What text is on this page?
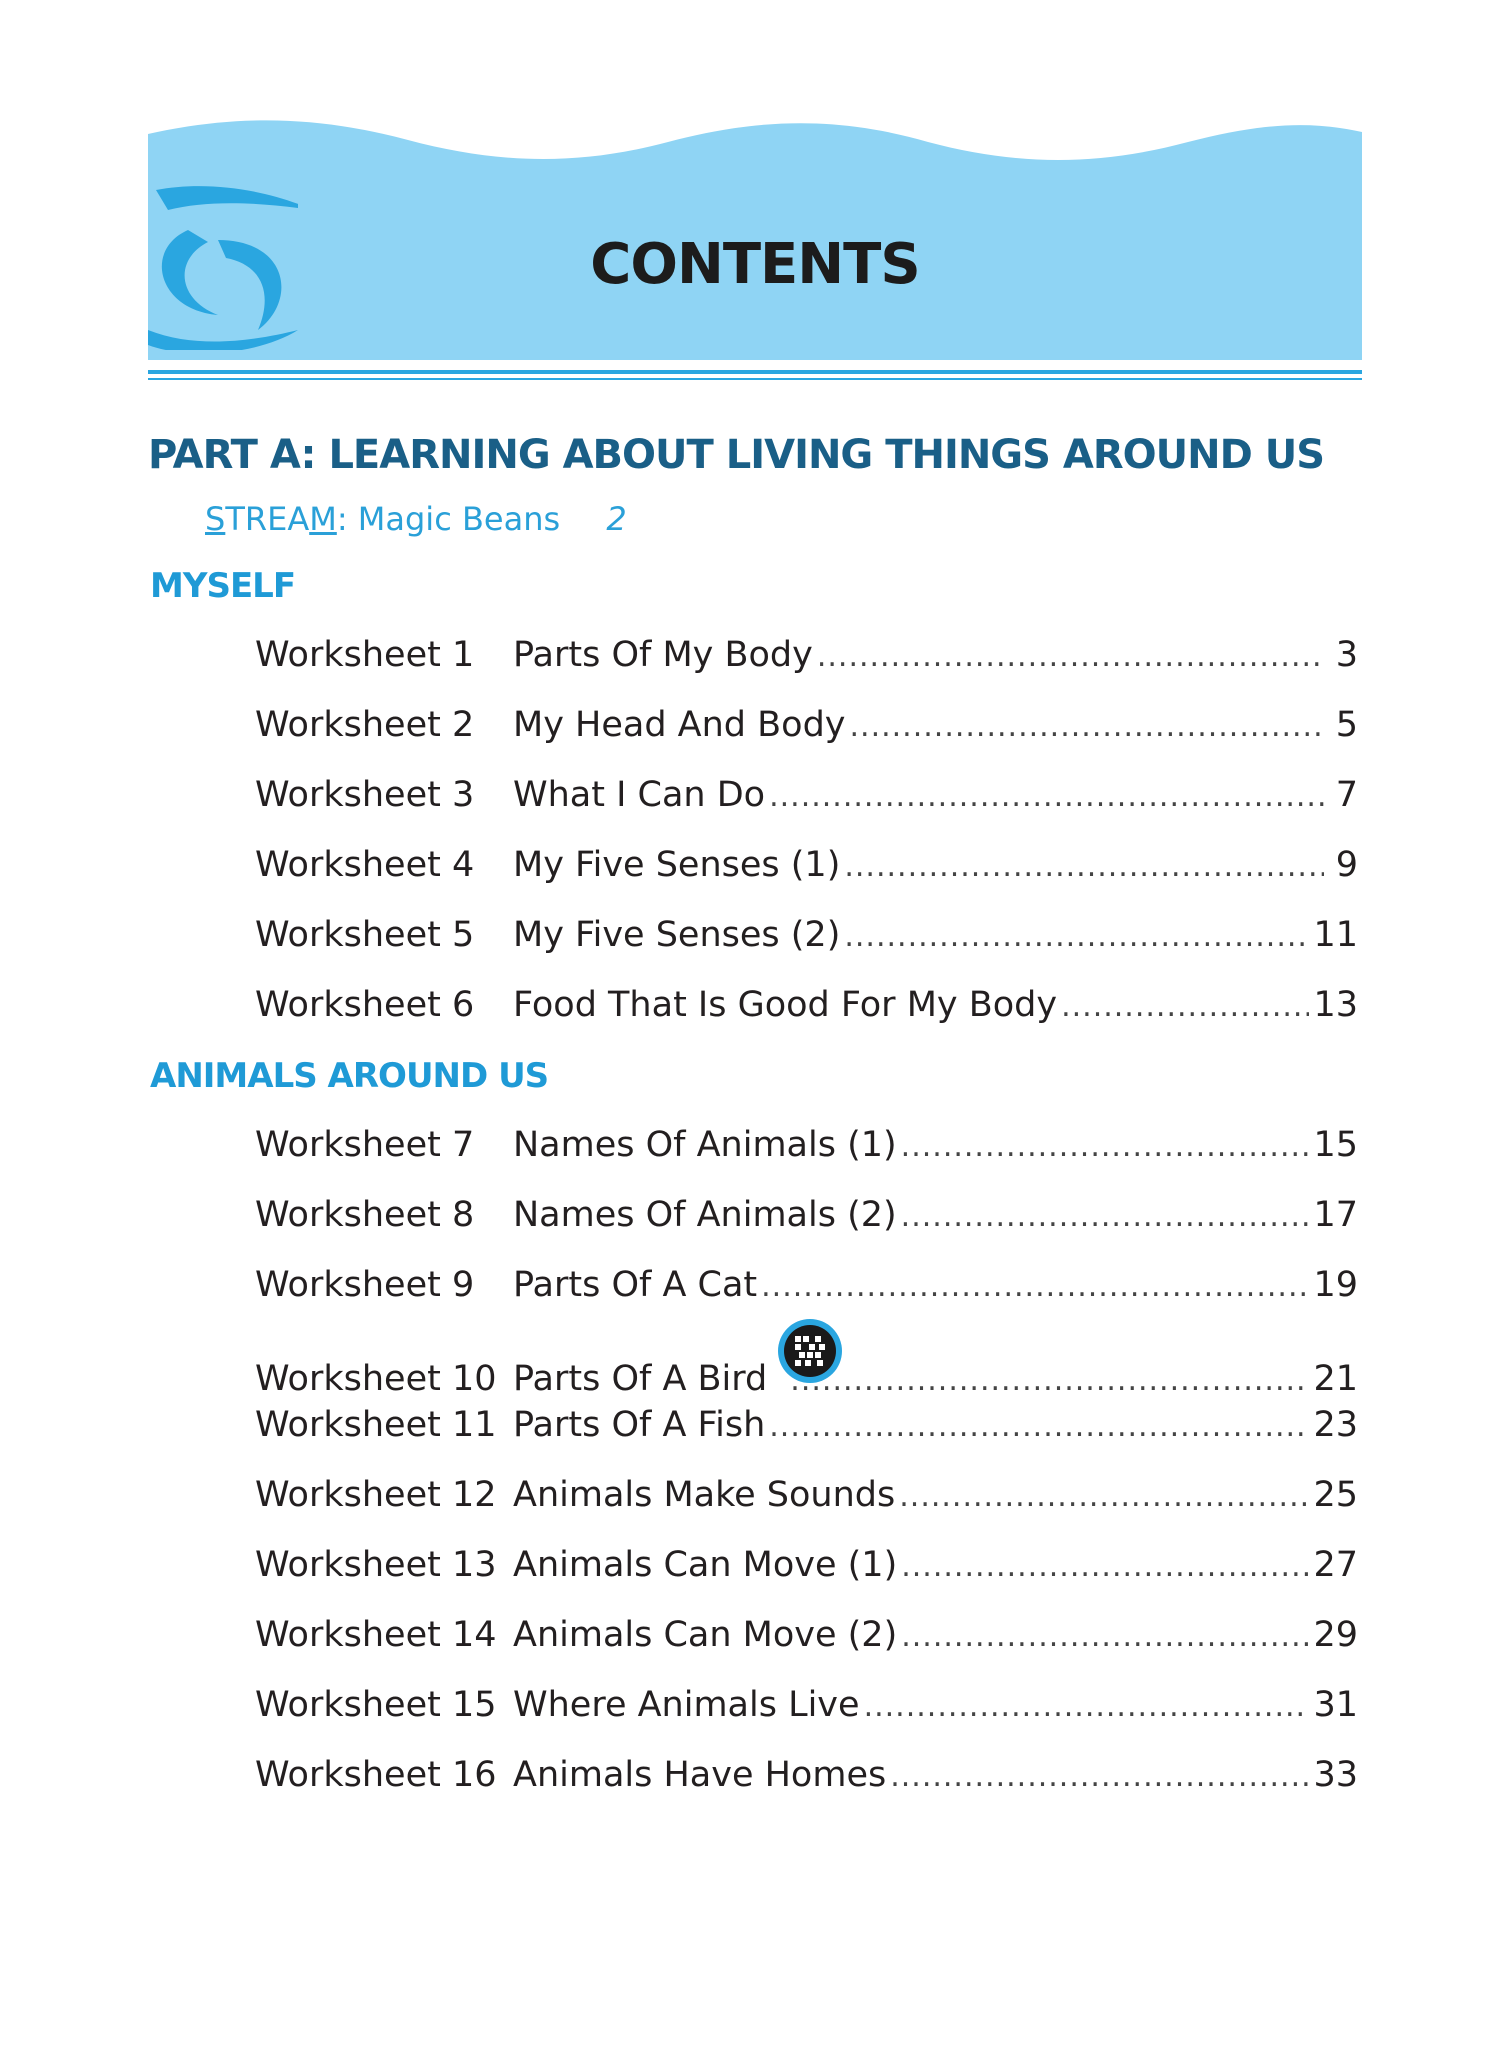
CONTENTS
PART A: LEARNING ABOUT LIVING THINGS AROUND US
STREAM: Magic Beans 2
MYSELF
Worksheet 1	Parts Of My Body .....	3
Worksheet 2	My Head And Body .....	5
Worksheet 3	What I Can Do .....	7
Worksheet 4	My Five Senses (1) .....	9
Worksheet 5	My Five Senses (2) .....	11
Worksheet 6	Food That Is Good For My Body .....	13
ANIMALS AROUND US
Worksheet 7	Names Of Animals (1) .....	15
Worksheet 8	Names Of Animals (2) .....	17
Worksheet 9	Parts Of A Cat .....	19
Worksheet 10 Parts Of A Bird .....	21
Worksheet 11 Parts Of A Fish .....	23
Worksheet 12 Animals Make Sounds .....	25
Worksheet 13 Animals Can Move (1) .....	27
Worksheet 14 Animals Can Move (2) .....	29
Worksheet 15 Where Animals Live .....	31
Worksheet 16 Animals Have Homes .....	33
